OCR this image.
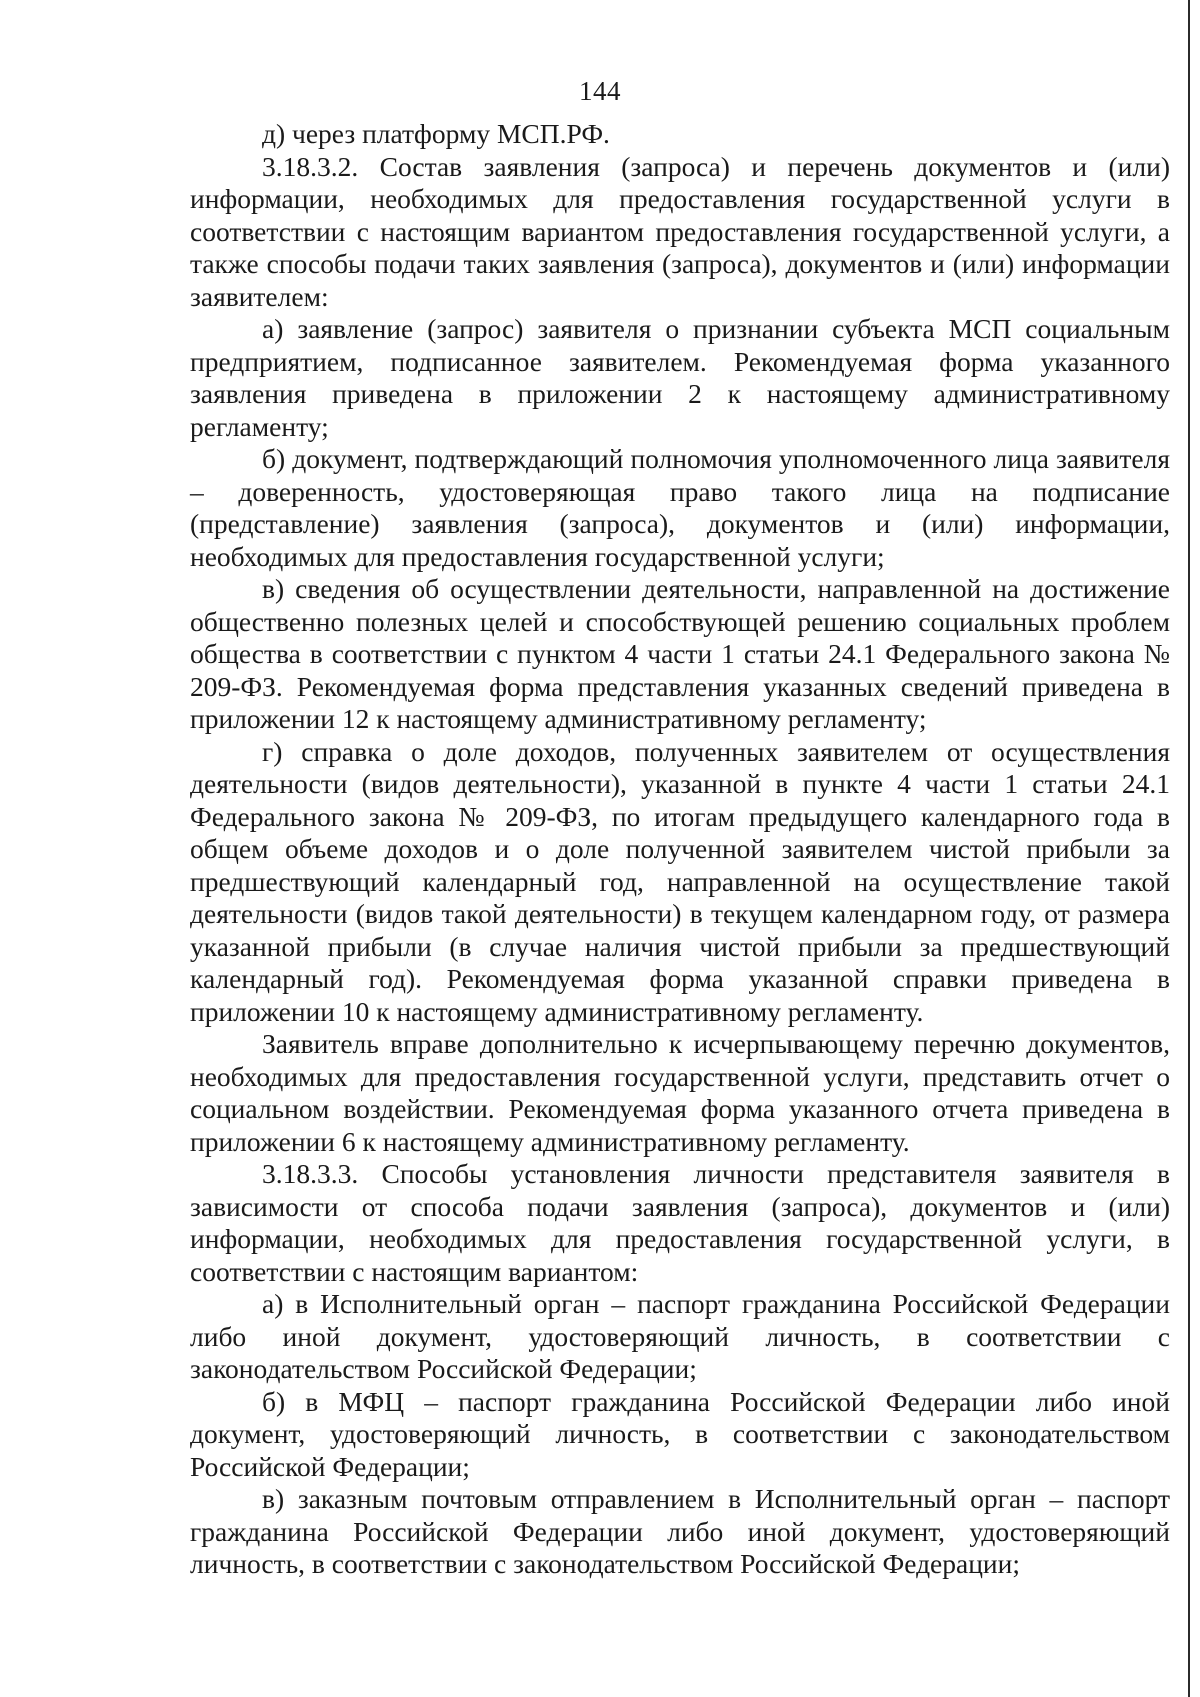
144

д) через платформу МСП.РФ.

3.18.3.2. Состав заявления (запроса) и перечень документов и (или) информации, необходимых для предоставления государственной услуги в соответствии с настоящим вариантом предоставления государственной услуги, а также способы подачи таких заявления (запроса), документов и (или) информации заявителем:

а) заявление (запрос) заявителя о признании субъекта МСП социальным предприятием, подписанное заявителем. Рекомендуемая форма указанного заявления приведена в приложении 2 к настоящему административному регламенту;

б) документ, подтверждающий полномочия уполномоченного лица заявителя – доверенность, удостоверяющая право такого лица на подписание (представление) заявления (запроса), документов и (или) информации, необходимых для предоставления государственной услуги;

в) сведения об осуществлении деятельности, направленной на достижение общественно полезных целей и способствующей решению социальных проблем общества в соответствии с пунктом 4 части 1 статьи 24.1 Федерального закона № 209-ФЗ. Рекомендуемая форма представления указанных сведений приведена в приложении 12 к настоящему административному регламенту;

г) справка о доле доходов, полученных заявителем от осуществления деятельности (видов деятельности), указанной в пункте 4 части 1 статьи 24.1 Федерального закона № 209-ФЗ, по итогам предыдущего календарного года в общем объеме доходов и о доле полученной заявителем чистой прибыли за предшествующий календарный год, направленной на осуществление такой деятельности (видов такой деятельности) в текущем календарном году, от размера указанной прибыли (в случае наличия чистой прибыли за предшествующий календарный год). Рекомендуемая форма указанной справки приведена в приложении 10 к настоящему административному регламенту.

Заявитель вправе дополнительно к исчерпывающему перечню документов, необходимых для предоставления государственной услуги, представить отчет о социальном воздействии. Рекомендуемая форма указанного отчета приведена в приложении 6 к настоящему административному регламенту.

3.18.3.3. Способы установления личности представителя заявителя в зависимости от способа подачи заявления (запроса), документов и (или) информации, необходимых для предоставления государственной услуги, в соответствии с настоящим вариантом:

а) в Исполнительный орган – паспорт гражданина Российской Федерации либо иной документ, удостоверяющий личность, в соответствии с законодательством Российской Федерации;

б) в МФЦ – паспорт гражданина Российской Федерации либо иной документ, удостоверяющий личность, в соответствии с законодательством Российской Федерации;

в) заказным почтовым отправлением в Исполнительный орган – паспорт гражданина Российской Федерации либо иной документ, удостоверяющий личность, в соответствии с законодательством Российской Федерации;
